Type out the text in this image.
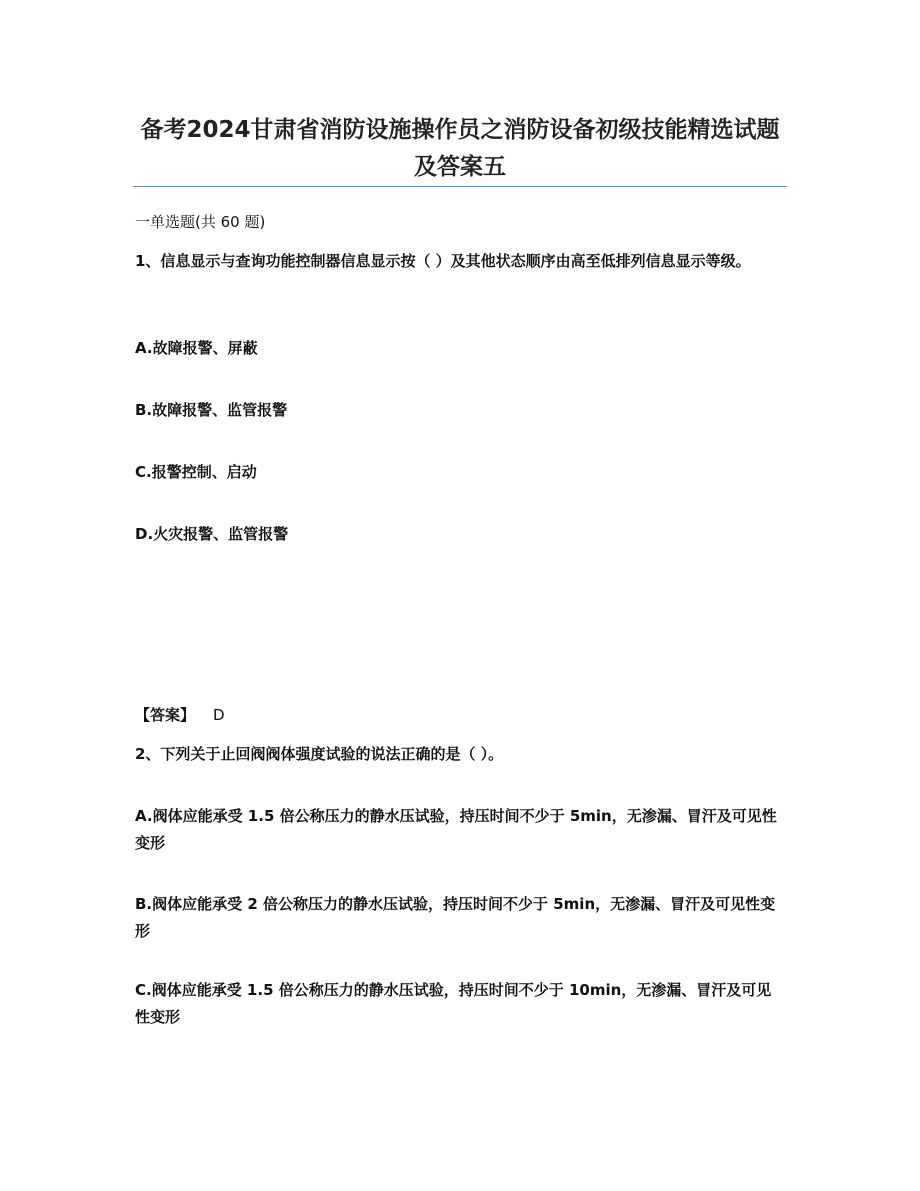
备考2024甘肃省消防设施操作员之消防设备初级技能精选试题及答案五
一单选题(共 60 题)
1、信息显示与查询功能控制器信息显示按（ ）及其他状态顺序由高至低排列信息显示等级。
A.故障报警、屏蔽
B.故障报警、监管报警
C.报警控制、启动
D.火灾报警、监管报警
【答案】 D
2、下列关于止回阀阀体强度试验的说法正确的是（ ）。
A.阀体应能承受 1.5 倍公称压力的静水压试验，持压时间不少于 5min，无渗漏、冒汗及可见性变形
B.阀体应能承受 2 倍公称压力的静水压试验，持压时间不少于 5min，无渗漏、冒汗及可见性变形
C.阀体应能承受 1.5 倍公称压力的静水压试验，持压时间不少于 10min，无渗漏、冒汗及可见性变形
